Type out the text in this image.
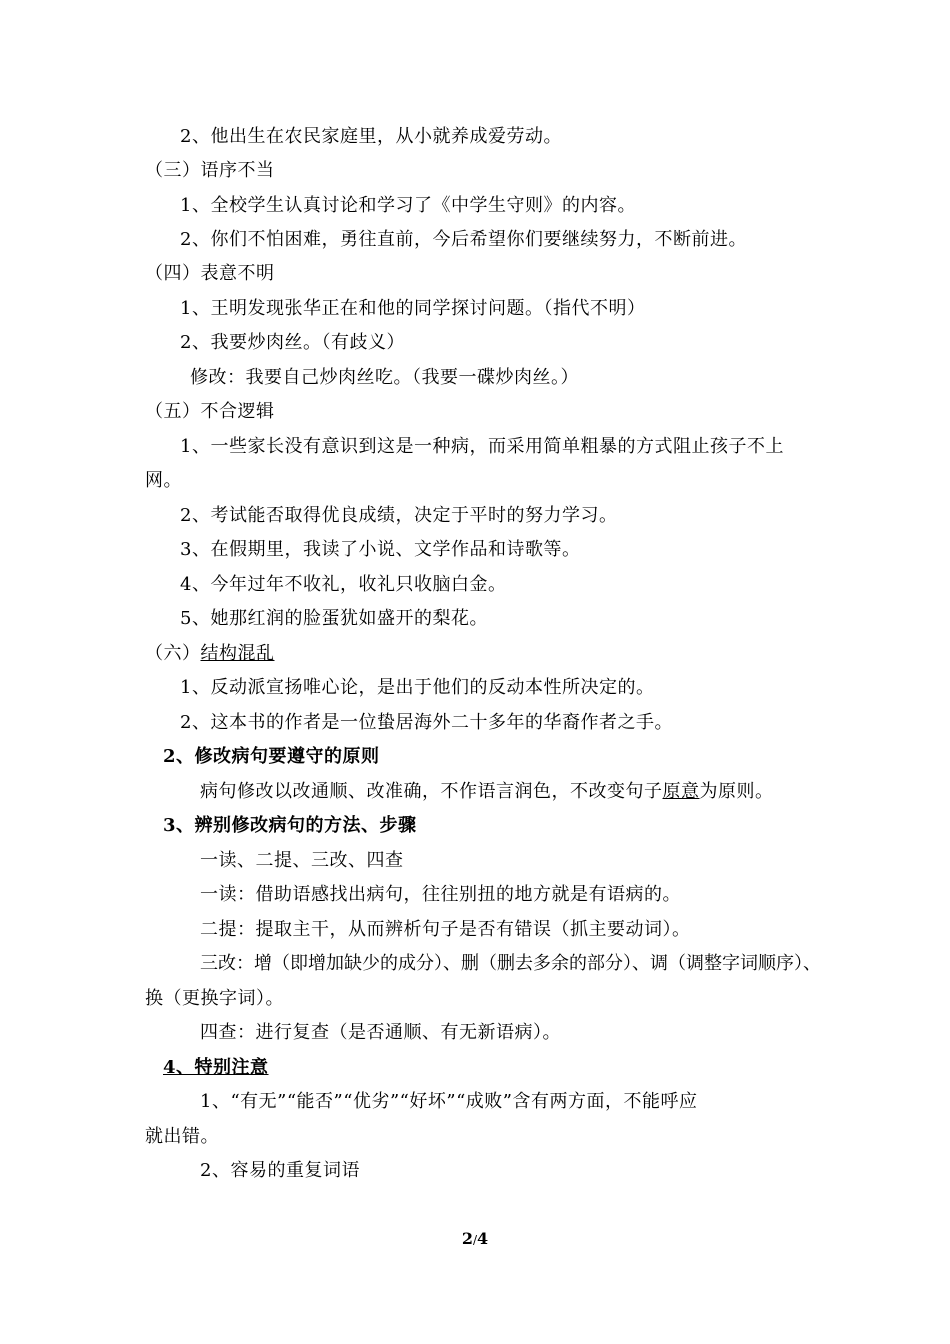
2、他出生在农民家庭里，从小就养成爱劳动。
（三）语序不当
1、全校学生认真讨论和学习了《中学生守则》的内容。
2、你们不怕困难，勇往直前，今后希望你们要继续努力，不断前进。
（四）表意不明
1、王明发现张华正在和他的同学探讨问题。（指代不明）
2、我要炒肉丝。（有歧义）
修改：我要自己炒肉丝吃。（我要一碟炒肉丝。）
（五）不合逻辑
1、一些家长没有意识到这是一种病，而采用简单粗暴的方式阻止孩子不上
网。
2、考试能否取得优良成绩，决定于平时的努力学习。
3、在假期里，我读了小说、文学作品和诗歌等。
4、今年过年不收礼，收礼只收脑白金。
5、她那红润的脸蛋犹如盛开的梨花。
（六）结构混乱
1、反动派宣扬唯心论，是出于他们的反动本性所决定的。
2、这本书的作者是一位蛰居海外二十多年的华裔作者之手。
2、修改病句要遵守的原则
病句修改以改通顺、改准确，不作语言润色，不改变句子原意为原则。
3、辨别修改病句的方法、步骤
一读、二提、三改、四查
一读：借助语感找出病句，往往别扭的地方就是有语病的。
二提：提取主干，从而辨析句子是否有错误（抓主要动词）。
三改：增（即增加缺少的成分）、删（删去多余的部分）、调（调整字词顺序）、
换（更换字词）。
四查：进行复查（是否通顺、有无新语病）。
4、特别注意
1、“有无”“能否”“优劣”“好坏”“成败”含有两方面，不能呼应
就出错。
2、容易的重复词语
2/4
